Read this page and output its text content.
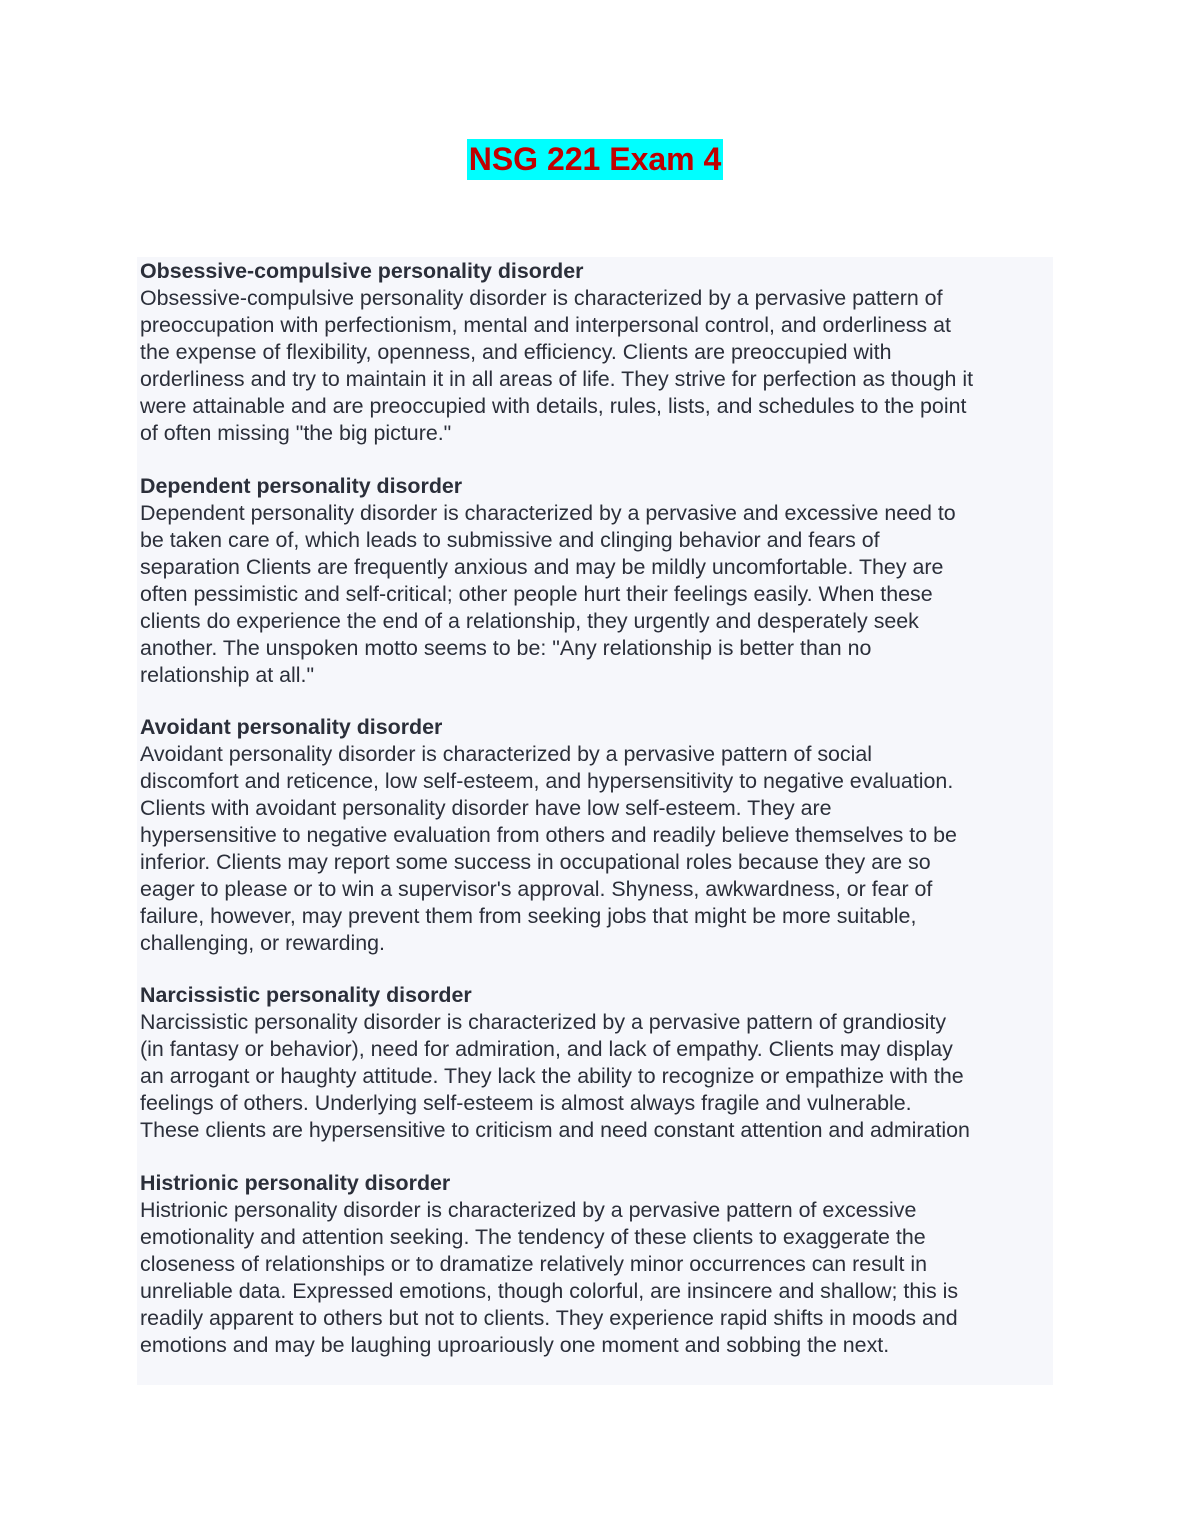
NSG 221 Exam 4

Obsessive-compulsive personality disorder

Obsessive-compulsive personality disorder is characterized by a pervasive pattern of

preoccupation with perfectionism, mental and interpersonal control, and orderliness at

the expense of flexibility, openness, and efficiency. Clients are preoccupied with

orderliness and try to maintain it in all areas of life. They strive for perfection as though it

were attainable and are preoccupied with details, rules, lists, and schedules to the point

of often missing "the big picture."

Dependent personality disorder

Dependent personality disorder is characterized by a pervasive and excessive need to

be taken care of, which leads to submissive and clinging behavior and fears of

separation Clients are frequently anxious and may be mildly uncomfortable. They are

often pessimistic and self-critical; other people hurt their feelings easily. When these

clients do experience the end of a relationship, they urgently and desperately seek

another. The unspoken motto seems to be: "Any relationship is better than no

relationship at all."

Avoidant personality disorder

Avoidant personality disorder is characterized by a pervasive pattern of social

discomfort and reticence, low self-esteem, and hypersensitivity to negative evaluation.

Clients with avoidant personality disorder have low self-esteem. They are

hypersensitive to negative evaluation from others and readily believe themselves to be

inferior. Clients may report some success in occupational roles because they are so

eager to please or to win a supervisor's approval. Shyness, awkwardness, or fear of

failure, however, may prevent them from seeking jobs that might be more suitable,

challenging, or rewarding.

Narcissistic personality disorder

Narcissistic personality disorder is characterized by a pervasive pattern of grandiosity

(in fantasy or behavior), need for admiration, and lack of empathy. Clients may display

an arrogant or haughty attitude. They lack the ability to recognize or empathize with the

feelings of others. Underlying self-esteem is almost always fragile and vulnerable.

These clients are hypersensitive to criticism and need constant attention and admiration

Histrionic personality disorder

Histrionic personality disorder is characterized by a pervasive pattern of excessive

emotionality and attention seeking. The tendency of these clients to exaggerate the

closeness of relationships or to dramatize relatively minor occurrences can result in

unreliable data. Expressed emotions, though colorful, are insincere and shallow; this is

readily apparent to others but not to clients. They experience rapid shifts in moods and

emotions and may be laughing uproariously one moment and sobbing the next.
